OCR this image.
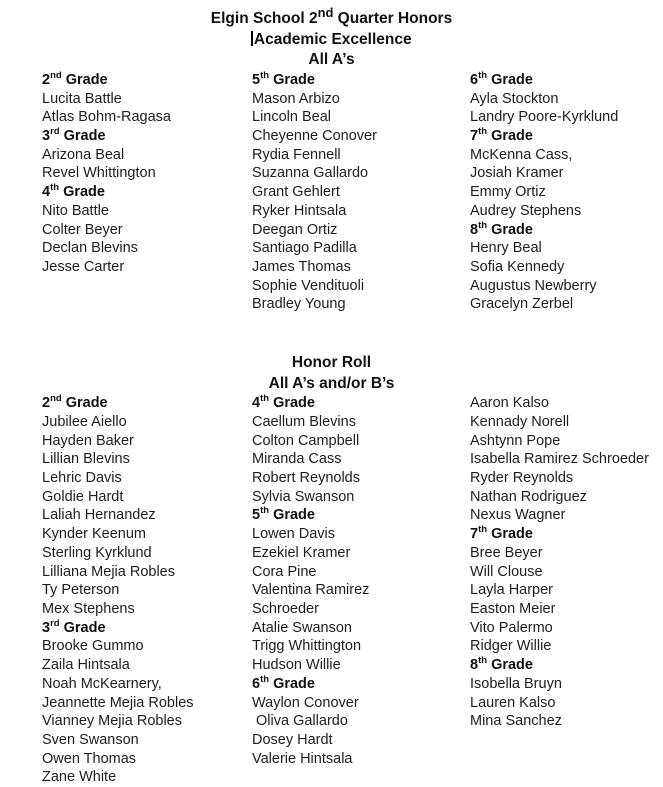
Elgin School 2nd Quarter Honors
Academic Excellence
All A’s
2nd Grade
Lucita Battle
Atlas Bohm-Ragasa
3rd Grade
Arizona Beal
Revel Whittington
4th Grade
Nito Battle
Colter Beyer
Declan Blevins
Jesse Carter
5th Grade
Mason Arbizo
Lincoln Beal
Cheyenne Conover
Rydia Fennell
Suzanna Gallardo
Grant Gehlert
Ryker Hintsala
Deegan Ortiz
Santiago Padilla
James Thomas
Sophie Vendituoli
Bradley Young
6th Grade
Ayla Stockton
Landry Poore-Kyrklund
7th Grade
McKenna Cass,
Josiah Kramer
Emmy Ortiz
Audrey Stephens
8th Grade
Henry Beal
Sofia Kennedy
Augustus Newberry
Gracelyn Zerbel
Honor Roll
All A’s and/or B’s
2nd Grade
Jubilee Aiello
Hayden Baker
Lillian Blevins
Lehric Davis
Goldie Hardt
Laliah Hernandez
Kynder Keenum
Sterling Kyrklund
Lilliana Mejia Robles
Ty Peterson
Mex Stephens
3rd Grade
Brooke Gummo
Zaila Hintsala
Noah McKearnery,
Jeannette Mejia Robles
Vianney Mejia Robles
Sven Swanson
Owen Thomas
Zane White
4th Grade
Caellum Blevins
Colton Campbell
Miranda Cass
Robert Reynolds
Sylvia Swanson
5th Grade
Lowen Davis
Ezekiel Kramer
Cora Pine
Valentina Ramirez
Schroeder
Atalie Swanson
Trigg Whittington
Hudson Willie
6th Grade
Waylon Conover
Oliva Gallardo
Dosey Hardt
Valerie Hintsala
Aaron Kalso
Kennady Norell
Ashtynn Pope
Isabella Ramirez Schroeder
Ryder Reynolds
Nathan Rodriguez
Nexus Wagner
7th Grade
Bree Beyer
Will Clouse
Layla Harper
Easton Meier
Vito Palermo
Ridger Willie
8th Grade
Isobella Bruyn
Lauren Kalso
Mina Sanchez
